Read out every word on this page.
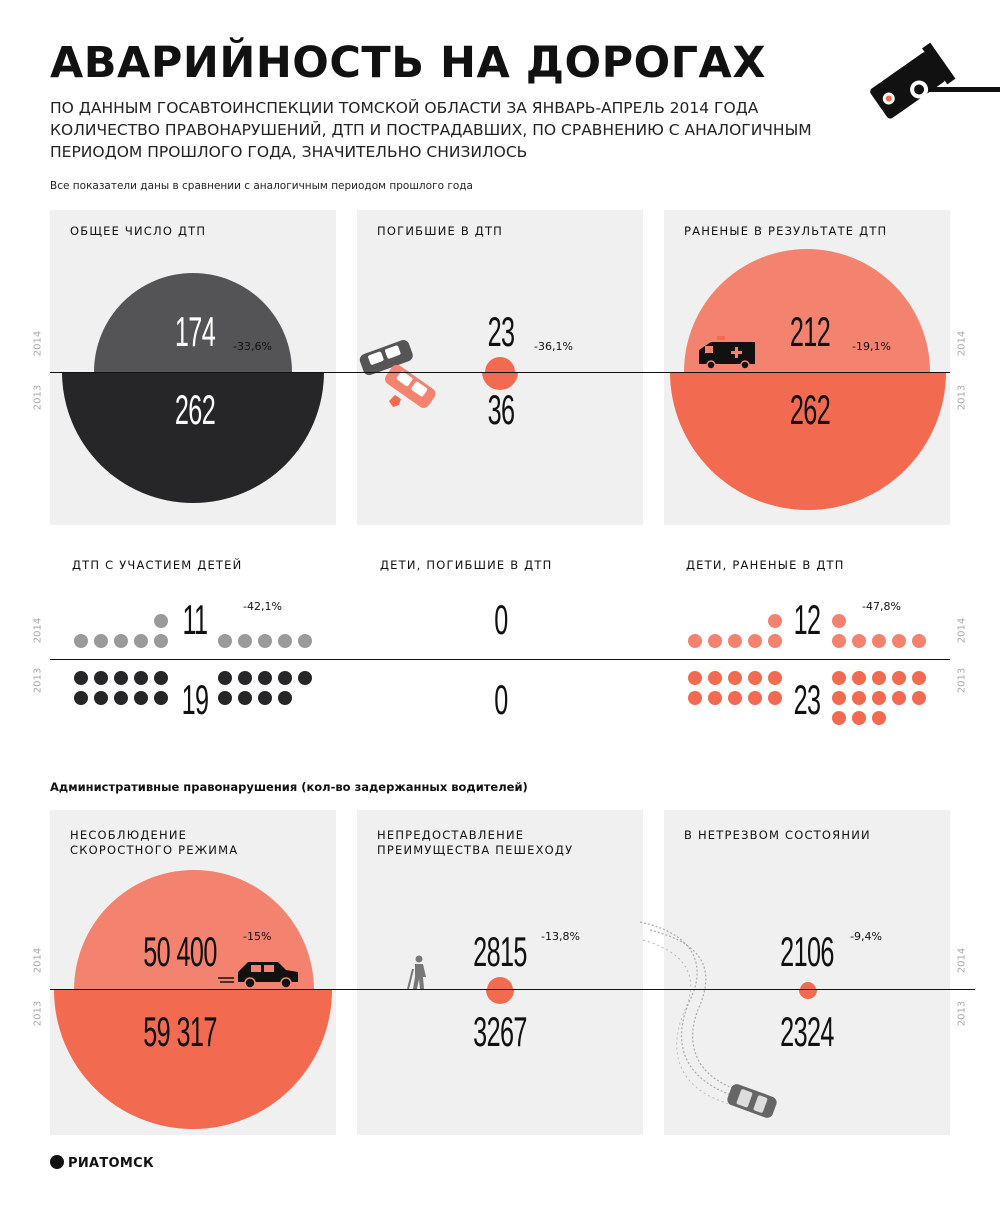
АВАРИЙНОСТЬ НА ДОРОГАХ

ПО ДАННЫМ ГОСАВТОИНСПЕКЦИИ ТОМСКОЙ ОБЛАСТИ ЗА ЯНВАРЬ-АПРЕЛЬ 2014 ГОДА КОЛИЧЕСТВО ПРАВОНАРУШЕНИЙ, ДТП И ПОСТРАДАВШИХ, ПО СРАВНЕНИЮ С АНАЛОГИЧНЫМ ПЕРИОДОМ ПРОШЛОГО ГОДА, ЗНАЧИТЕЛЬНО СНИЗИЛОСЬ

Все показатели даны в сравнении с аналогичным периодом прошлого года
ОБЩЕЕ ЧИСЛО ДТП	ПОГИБШИЕ В ДТП	РАНЕНЫЕ В РЕЗУЛЬТАТЕ ДТП
174
262
-33,6%	23
36
-36,1%	212
262
-19,1%
2014
2013
2014
2013
ДТП С УЧАСТИЕМ ДЕТЕЙ	ДЕТИ, ПОГИБШИЕ В ДТП	ДЕТИ, РАНЕНЫЕ В ДТП
11
19
-42,1%	0
0
12
23
-47,8%
2014
2013
2014
2013
Административные правонарушения (кол-во задержанных водителей)
НЕСОБЛЮДЕНИЕ
СКОРОСТНОГО РЕЖИМА
НЕПРЕДОСТАВЛЕНИЕ
ПРЕИМУЩЕСТВА ПЕШЕХОДУ
В НЕТРЕЗВОМ СОСТОЯНИИ
50 400
59 317
-15%	2815
3267
-13,8%	2106
2324
-9,4%
2014
2013
2014
2013
РИАТОМСК
